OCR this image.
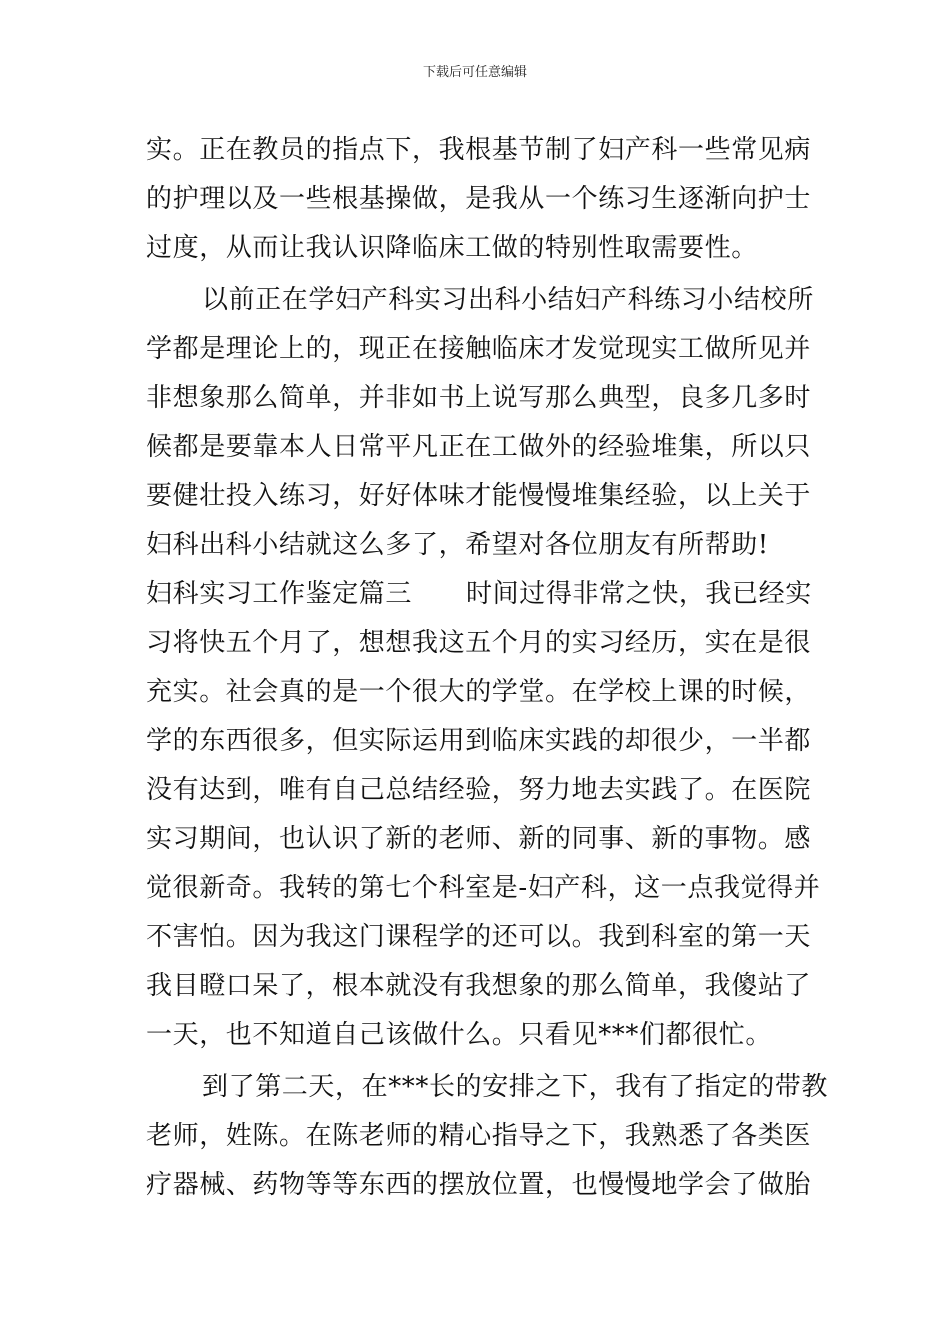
下载后可任意编辑
实。正在教员的指点下，我根基节制了妇产科一些常见病
的护理以及一些根基操做，是我从一个练习生逐渐向护士
过度，从而让我认识降临床工做的特别性取需要性。
以前正在学妇产科实习出科小结妇产科练习小结校所
学都是理论上的，现正在接触临床才发觉现实工做所见并
非想象那么简单，并非如书上说写那么典型，良多几多时
候都是要靠本人日常平凡正在工做外的经验堆集，所以只
要健壮投入练习，好好体味才能慢慢堆集经验，以上关于
妇科出科小结就这么多了，希望对各位朋友有所帮助!
妇科实习工作鉴定篇三 时间过得非常之快，我已经实
习将快五个月了，想想我这五个月的实习经历，实在是很
充实。社会真的是一个很大的学堂。在学校上课的时候，
学的东西很多，但实际运用到临床实践的却很少，一半都
没有达到，唯有自己总结经验，努力地去实践了。在医院
实习期间，也认识了新的老师、新的同事、新的事物。感
觉很新奇。我转的第七个科室是-妇产科，这一点我觉得并
不害怕。因为我这门课程学的还可以。我到科室的第一天
我目瞪口呆了，根本就没有我想象的那么简单，我傻站了
一天，也不知道自己该做什么。只看见***们都很忙。
到了第二天，在***长的安排之下，我有了指定的带教
老师，姓陈。在陈老师的精心指导之下，我熟悉了各类医
疗器械、药物等等东西的摆放位置，也慢慢地学会了做胎
